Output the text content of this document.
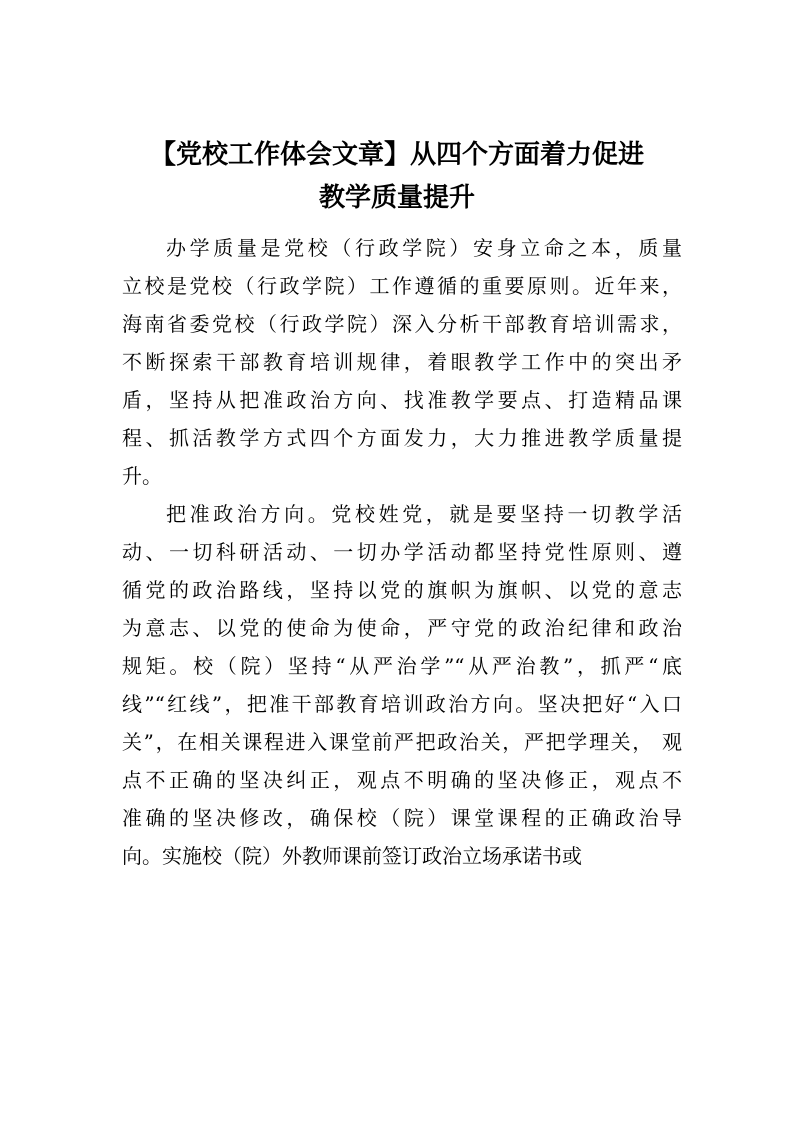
【党校工作体会文章】从四个方面着力促进
教学质量提升
办学质量是党校（行政学院）安身立命之本，质量
立校是党校（行政学院）工作遵循的重要原则。近年来，
海南省委党校（行政学院）深入分析干部教育培训需求，
不断探索干部教育培训规律，着眼教学工作中的突出矛
盾，坚持从把准政治方向、找准教学要点、打造精品课
程、抓活教学方式四个方面发力，大力推进教学质量提
升。
把准政治方向。党校姓党，就是要坚持一切教学活
动、一切科研活动、一切办学活动都坚持党性原则、遵
循党的政治路线，坚持以党的旗帜为旗帜、以党的意志
为意志、以党的使命为使命，严守党的政治纪律和政治
规矩。校（院）坚持“从严治学”“从严治教”，抓严“底
线”“红线”，把准干部教育培训政治方向。坚决把好“入口
关”，在相关课程进入课堂前严把政治关，严把学理关， 观
点不正确的坚决纠正，观点不明确的坚决修正，观点不
准确的坚决修改，确保校（院）课堂课程的正确政治导
向。实施校（院）外教师课前签订政治立场承诺书或
